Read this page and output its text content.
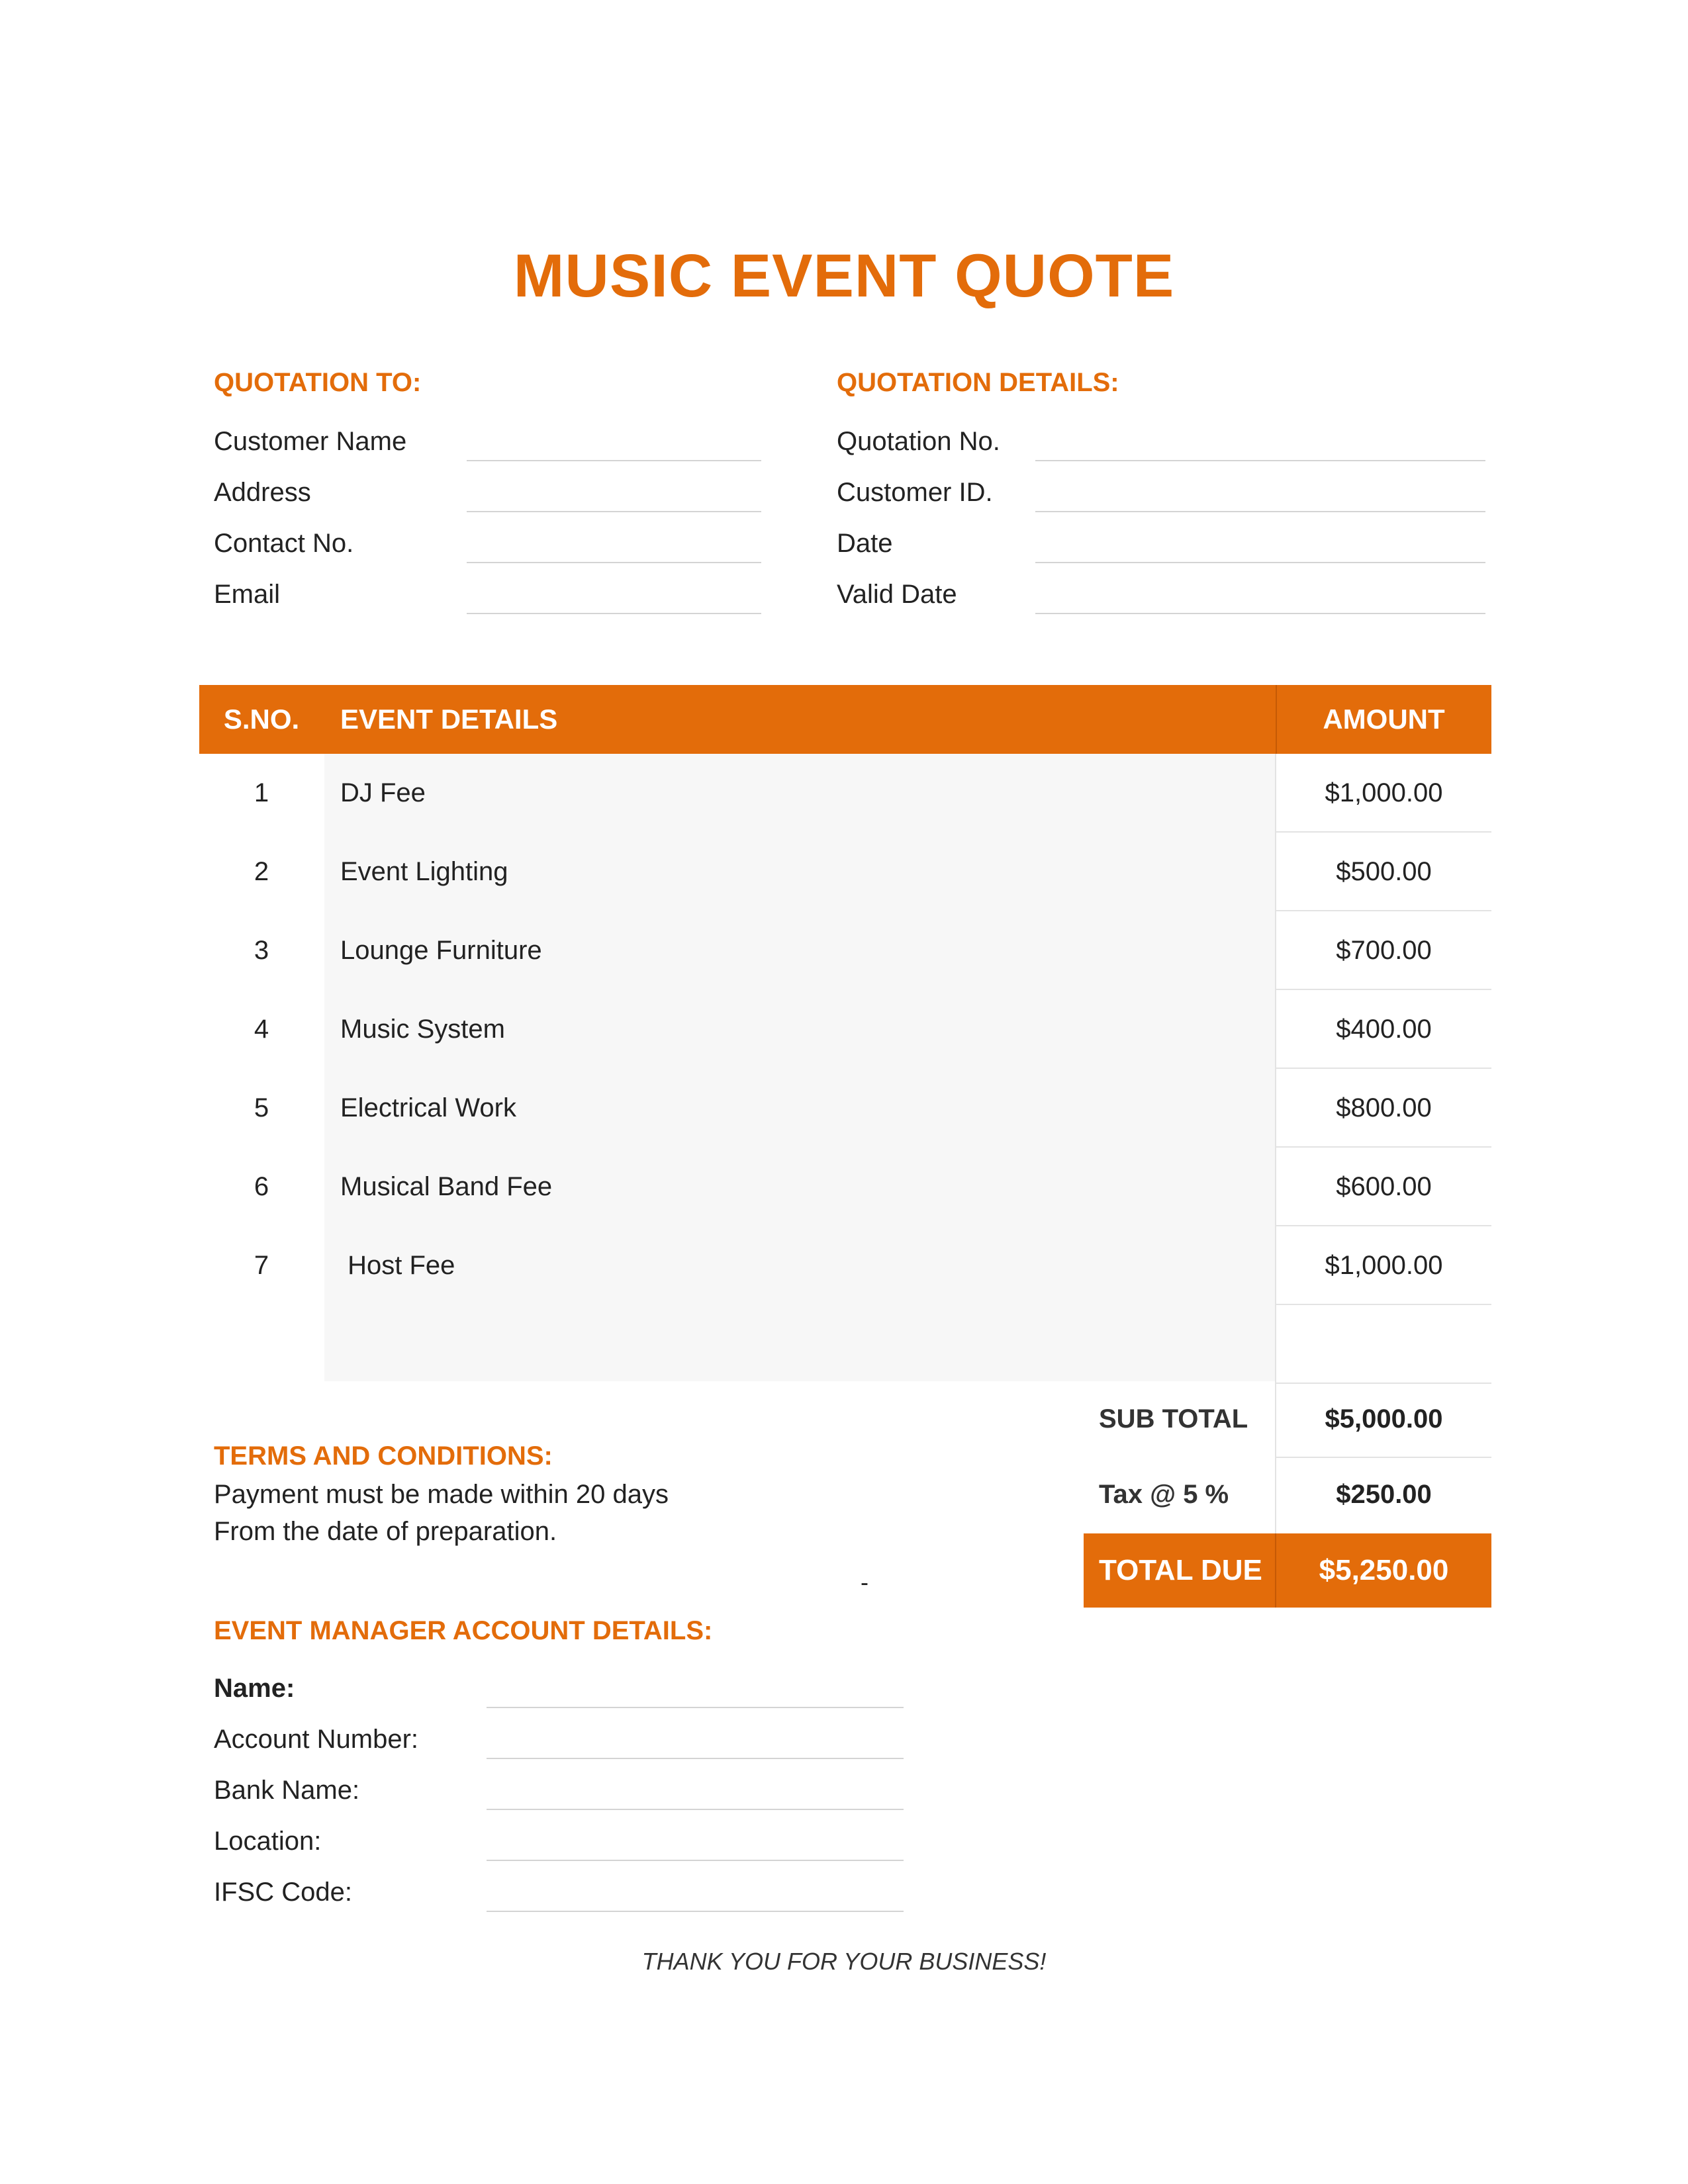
MUSIC EVENT QUOTE
QUOTATION TO:
Customer Name
Address
Contact No.
Email
QUOTATION DETAILS:
Quotation No.
Customer ID.
Date
Valid Date
S.NO.	EVENT DETAILS	AMOUNT
1	DJ Fee	$1,000.00
2	Event Lighting	$500.00
3	Lounge Furniture	$700.00
4	Music System	$400.00
5	Electrical Work	$800.00
6	Musical Band Fee	$600.00
7	Host Fee	$1,000.00
SUB TOTAL	$5,000.00
Tax @ 5 %	$250.00
TOTAL DUE	$5,250.00
TERMS AND CONDITIONS:
Payment must be made within 20 days
From the date of preparation.
-
EVENT MANAGER ACCOUNT DETAILS:
Name:
Account Number:
Bank Name:
Location:
IFSC Code:
THANK YOU FOR YOUR BUSINESS!
